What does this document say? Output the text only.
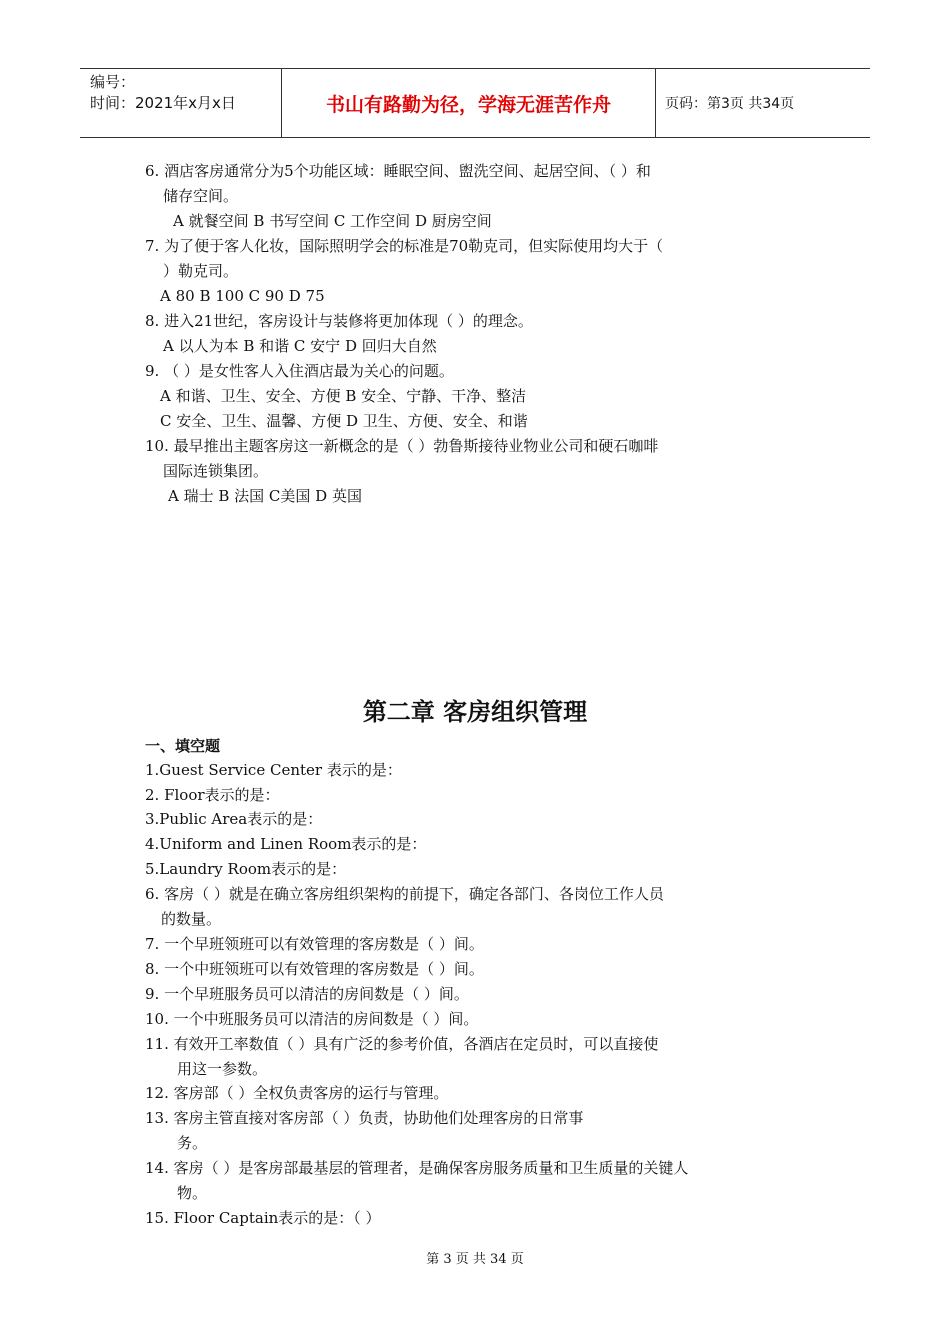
编号：
时间：2021年x月x日	书山有路勤为径，学海无涯苦作舟	页码：第3页 共34页
6. 酒店客房通常分为5个功能区域：睡眠空间、盥洗空间、起居空间、（ ）和
储存空间。
A 就餐空间 B 书写空间 C 工作空间 D 厨房空间
7. 为了便于客人化妆，国际照明学会的标准是70勒克司，但实际使用均大于（
）勒克司。
A 80 B 100 C 90 D 75
8. 进入21世纪，客房设计与装修将更加体现（ ）的理念。
A 以人为本 B 和谐 C 安宁 D 回归大自然
9. （ ）是女性客人入住酒店最为关心的问题。
A 和谐、卫生、安全、方便 B 安全、宁静、干净、整洁
C 安全、卫生、温馨、方便 D 卫生、方便、安全、和谐
10. 最早推出主题客房这一新概念的是（ ）勃鲁斯接待业物业公司和硬石咖啡
国际连锁集团。
A 瑞士 B 法国 C美国 D 英国
第二章 客房组织管理
一、填空题
1.Guest Service Center 表示的是：
2. Floor表示的是：
3.Public Area表示的是：
4.Uniform and Linen Room表示的是：
5.Laundry Room表示的是：
6. 客房（ ）就是在确立客房组织架构的前提下，确定各部门、各岗位工作人员
的数量。
7. 一个早班领班可以有效管理的客房数是（ ）间。
8. 一个中班领班可以有效管理的客房数是（ ）间。
9. 一个早班服务员可以清洁的房间数是（ ）间。
10. 一个中班服务员可以清洁的房间数是（ ）间。
11. 有效开工率数值（ ）具有广泛的参考价值，各酒店在定员时，可以直接使
用这一参数。
12. 客房部（ ）全权负责客房的运行与管理。
13. 客房主管直接对客房部（ ）负责，协助他们处理客房的日常事
务。
14. 客房（ ）是客房部最基层的管理者，是确保客房服务质量和卫生质量的关键人
物。
15. Floor Captain表示的是：（ ）
第 3 页 共 34 页
